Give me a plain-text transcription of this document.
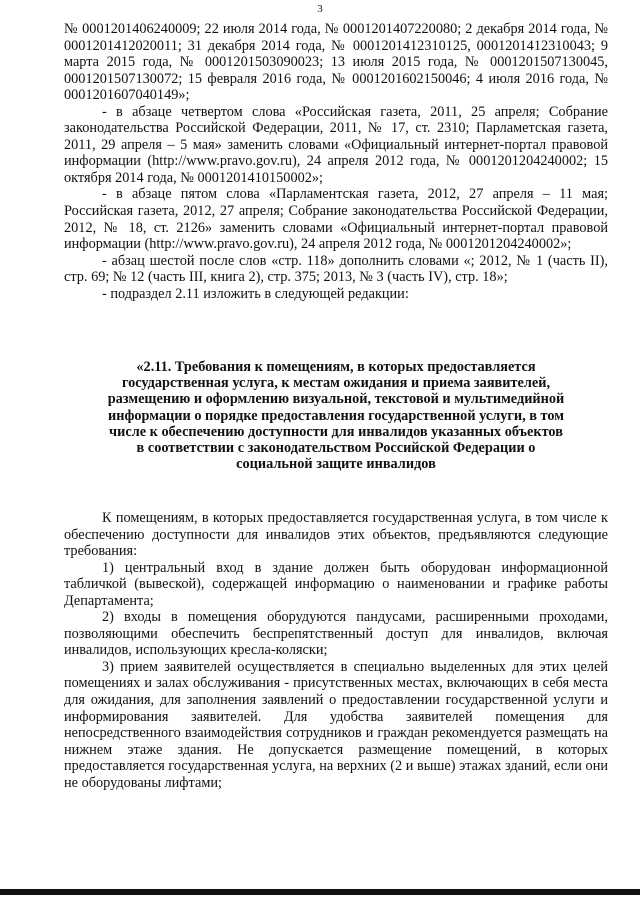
3

№ 0001201406240009; 22 июля 2014 года, № 0001201407220080; 2 декабря 2014 года, № 0001201412020011; 31 декабря 2014 года, № 0001201412310125, 0001201412310043; 9 марта 2015 года, № 0001201503090023; 13 июля 2015 года, № 0001201507130045, 0001201507130072; 15 февраля 2016 года, № 0001201602150046; 4 июля 2016 года, № 0001201607040149»;

- в абзаце четвертом слова «Российская газета, 2011, 25 апреля; Собрание законодательства Российской Федерации, 2011, № 17, ст. 2310; Парламетская газета, 2011, 29 апреля – 5 мая» заменить словами «Официальный интернет-портал правовой информации (http://www.pravo.gov.ru), 24 апреля 2012 года, № 0001201204240002; 15 октября 2014 года, № 0001201410150002»;

- в абзаце пятом слова «Парламентская газета, 2012, 27 апреля – 11 мая; Российская газета, 2012, 27 апреля; Собрание законодательства Российской Федерации, 2012, № 18, ст. 2126» заменить словами «Официальный интернет-портал правовой информации (http://www.pravo.gov.ru), 24 апреля 2012 года, № 0001201204240002»;

- абзац шестой после слов «стр. 118» дополнить словами «; 2012, № 1 (часть II), стр. 69; № 12 (часть III, книга 2), стр. 375; 2013, № 3 (часть IV), стр. 18»;

- подраздел 2.11 изложить в следующей редакции:

«2.11. Требования к помещениям, в которых предоставляется государственная услуга, к местам ожидания и приема заявителей, размещению и оформлению визуальной, текстовой и мультимедийной информации о порядке предоставления государственной услуги, в том числе к обеспечению доступности для инвалидов указанных объектов в соответствии с законодательством Российской Федерации о социальной защите инвалидов

К помещениям, в которых предоставляется государственная услуга, в том числе к обеспечению доступности для инвалидов этих объектов, предъявляются следующие требования:

1) центральный вход в здание должен быть оборудован информационной табличкой (вывеской), содержащей информацию о наименовании и графике работы Департамента;

2) входы в помещения оборудуются пандусами, расширенными проходами, позволяющими обеспечить беспрепятственный доступ для инвалидов, включая инвалидов, использующих кресла-коляски;

3) прием заявителей осуществляется в специально выделенных для этих целей помещениях и залах обслуживания - присутственных местах, включающих в себя места для ожидания, для заполнения заявлений о предоставлении государственной услуги и информирования заявителей. Для удобства заявителей помещения для непосредственного взаимодействия сотрудников и граждан рекомендуется размещать на нижнем этаже здания. Не допускается размещение помещений, в которых предоставляется государственная услуга, на верхних (2 и выше) этажах зданий, если они не оборудованы лифтами;
